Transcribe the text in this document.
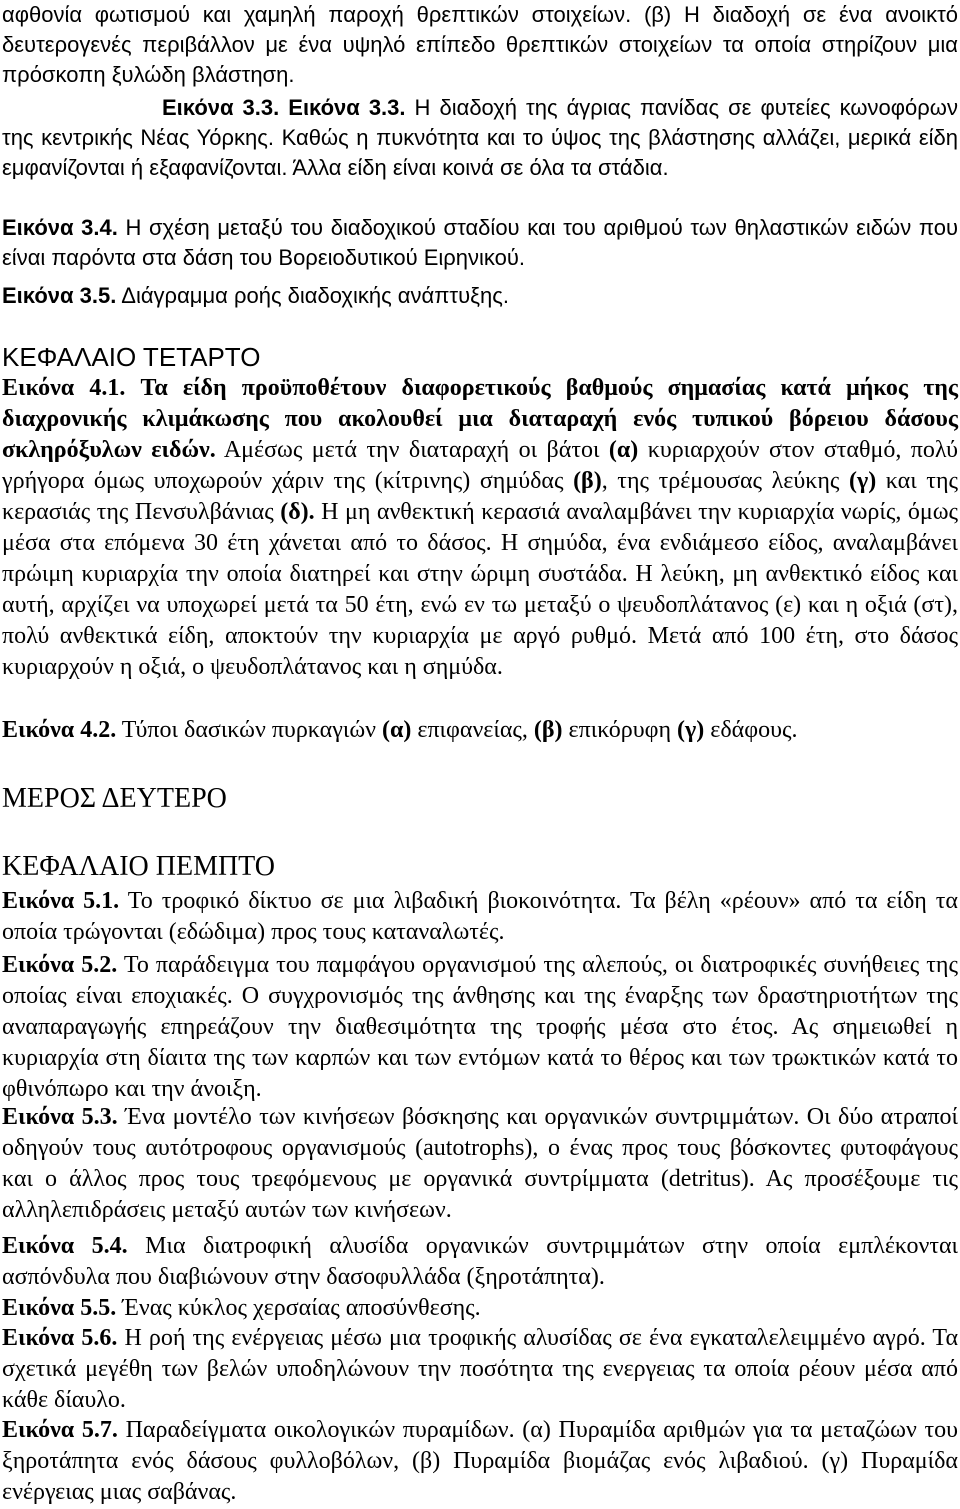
αφθονία φωτισμού και χαμηλή παροχή θρεπτικών στοιχείων. (β) Η διαδοχή σε ένα ανοικτό δευτερογενές περιβάλλον με ένα υψηλό επίπεδο θρεπτικών στοιχείων τα οποία στηρίζουν μια πρόσκοπη ξυλώδη βλάστηση.
Εικόνα 3.3. Εικόνα 3.3. Η διαδοχή της άγριας πανίδας σε φυτείες κωνοφόρων της κεντρικής Νέας Υόρκης. Καθώς η πυκνότητα και το ύψος της βλάστησης αλλάζει, μερικά είδη εμφανίζονται ή εξαφανίζονται. Άλλα είδη είναι κοινά σε όλα τα στάδια.
Εικόνα 3.4. Η σχέση μεταξύ του διαδοχικού σταδίου και του αριθμού των θηλαστικών ειδών που είναι παρόντα στα δάση του Βορειοδυτικού Ειρηνικού.
Εικόνα 3.5. Διάγραμμα ροής διαδοχικής ανάπτυξης.
ΚΕΦΑΛΑΙΟ ΤΕΤΑΡΤΟ
Εικόνα 4.1. Τα είδη προϋποθέτουν διαφορετικούς βαθμούς σημασίας κατά μήκος της διαχρονικής κλιμάκωσης που ακολουθεί μια διαταραχή ενός τυπικού βόρειου δάσους σκληρόξυλων ειδών. Αμέσως μετά την διαταραχή οι βάτοι (α) κυριαρχούν στον σταθμό, πολύ γρήγορα όμως υποχωρούν χάριν της (κίτρινης) σημύδας (β), της τρέμουσας λεύκης (γ) και της κερασιάς της Πενσυλβάνιας (δ). Η μη ανθεκτική κερασιά αναλαμβάνει την κυριαρχία νωρίς, όμως μέσα στα επόμενα 30 έτη χάνεται από το δάσος. Η σημύδα, ένα ενδιάμεσο είδος, αναλαμβάνει πρώιμη κυριαρχία την οποία διατηρεί και στην ώριμη συστάδα. Η λεύκη, μη ανθεκτικό είδος και αυτή, αρχίζει να υποχωρεί μετά τα 50 έτη, ενώ εν τω μεταξύ ο ψευδοπλάτανος (ε) και η οξιά (στ), πολύ ανθεκτικά είδη, αποκτούν την κυριαρχία με αργό ρυθμό. Μετά από 100 έτη, στο δάσος κυριαρχούν η οξιά, ο ψευδοπλάτανος και η σημύδα.
Εικόνα 4.2. Τύποι δασικών πυρκαγιών (α) επιφανείας, (β) επικόρυφη (γ) εδάφους.
ΜΕΡΟΣ ΔΕΥΤΕΡΟ
ΚΕΦΑΛΑΙΟ ΠΕΜΠΤΟ
Εικόνα 5.1. Το τροφικό δίκτυο σε μια λιβαδική βιοκοινότητα. Τα βέλη «ρέουν» από τα είδη τα οποία τρώγονται (εδώδιμα) προς τους καταναλωτές.
Εικόνα 5.2. Το παράδειγμα του παμφάγου οργανισμού της αλεπούς, οι διατροφικές συνήθειες της οποίας είναι εποχιακές. Ο συγχρονισμός της άνθησης και της έναρξης των δραστηριοτήτων της αναπαραγωγής επηρεάζουν την διαθεσιμότητα της τροφής μέσα στο έτος. Ας σημειωθεί η κυριαρχία στη δίαιτα της των καρπών και των εντόμων κατά το θέρος και των τρωκτικών κατά το φθινόπωρο και την άνοιξη.
Εικόνα 5.3. Ένα μοντέλο των κινήσεων βόσκησης και οργανικών συντριμμάτων. Οι δύο ατραποί οδηγούν τους αυτότροφους οργανισμούς (autotrophs), ο ένας προς τους βόσκοντες φυτοφάγους και ο άλλος προς τους τρεφόμενους με οργανικά συντρίμματα (detritus). Ας προσέξουμε τις αλληλεπιδράσεις μεταξύ αυτών των κινήσεων.
Εικόνα 5.4. Μια διατροφική αλυσίδα οργανικών συντριμμάτων στην οποία εμπλέκονται ασπόνδυλα που διαβιώνουν στην δασοφυλλάδα (ξηροτάπητα).
Εικόνα 5.5. Ένας κύκλος χερσαίας αποσύνθεσης.
Εικόνα 5.6. Η ροή της ενέργειας μέσω μια τροφικής αλυσίδας σε ένα εγκαταλελειμμένο αγρό. Τα σχετικά μεγέθη των βελών υποδηλώνουν την ποσότητα της ενεργειας τα οποία ρέουν μέσα από κάθε δίαυλο.
Εικόνα 5.7. Παραδείγματα οικολογικών πυραμίδων. (α) Πυραμίδα αριθμών για τα μεταζώων του ξηροτάπητα ενός δάσους φυλλοβόλων, (β) Πυραμίδα βιομάζας ενός λιβαδιού. (γ) Πυραμίδα ενέργειας μιας σαβάνας.
